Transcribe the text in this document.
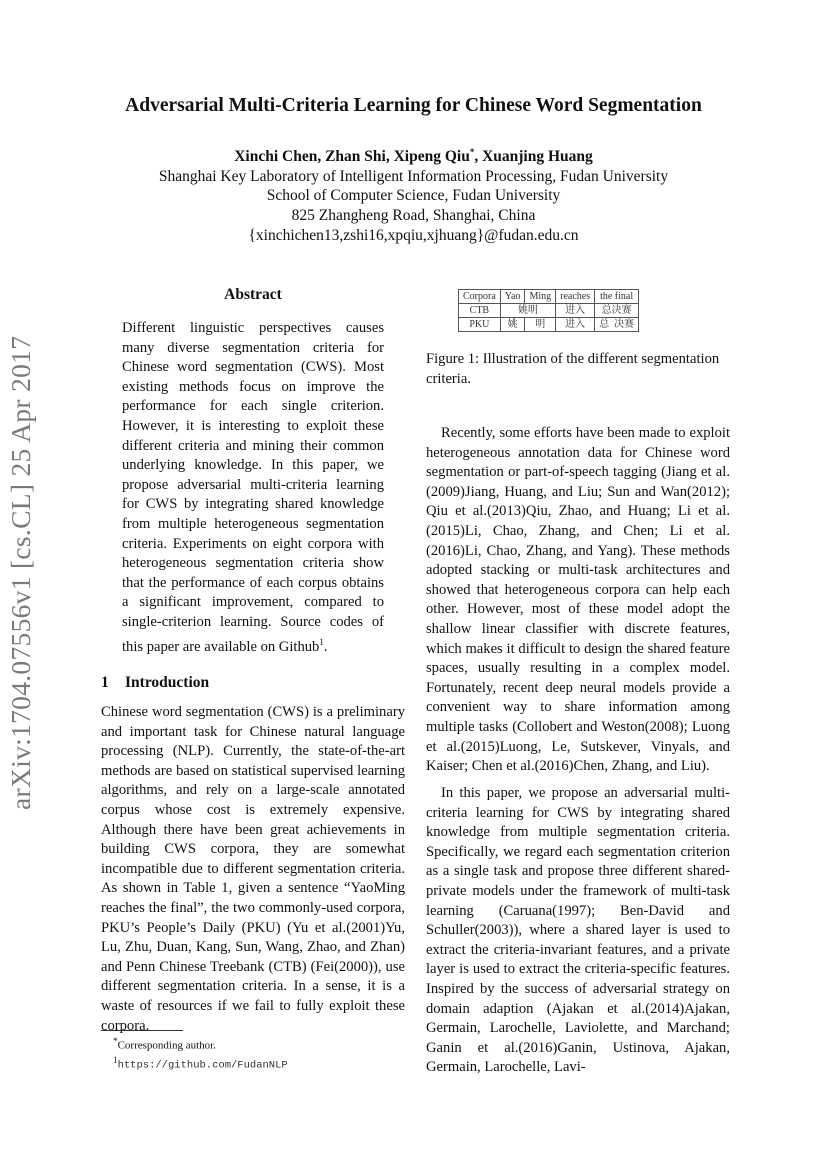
arXiv:1704.07556v1 [cs.CL] 25 Apr 2017
Adversarial Multi-Criteria Learning for Chinese Word Segmentation
Xinchi Chen, Zhan Shi, Xipeng Qiu*, Xuanjing Huang
Shanghai Key Laboratory of Intelligent Information Processing, Fudan University
School of Computer Science, Fudan University
825 Zhangheng Road, Shanghai, China
{xinchichen13,zshi16,xpqiu,xjhuang}@fudan.edu.cn
Abstract
Different linguistic perspectives causes many diverse segmentation criteria for Chinese word segmentation (CWS). Most existing methods focus on improve the performance for each single criterion. However, it is interesting to exploit these different criteria and mining their common underlying knowledge. In this paper, we propose adversarial multi-criteria learning for CWS by integrating shared knowledge from multiple heterogeneous segmentation criteria. Experiments on eight corpora with heterogeneous segmentation criteria show that the performance of each corpus obtains a significant improvement, compared to single-criterion learning. Source codes of this paper are available on Github$^1$.
1 Introduction

Chinese word segmentation (CWS) is a preliminary and important task for Chinese natural language processing (NLP). Currently, the state-of-the-art methods are based on statistical supervised learning algorithms, and rely on a large-scale annotated corpus whose cost is extremely expensive. Although there have been great achievements in building CWS corpora, they are somewhat incompatible due to different segmentation criteria. As shown in Table 1, given a sentence “YaoMing reaches the final”, the two commonly-used corpora, PKU’s People’s Daily (PKU) (Yu et al.(2001)Yu, Lu, Zhu, Duan, Kang, Sun, Wang, Zhao, and Zhan) and Penn Chinese Treebank (CTB) (Fei(2000)), use different segmentation criteria. In a sense, it is a waste of resources if we fail to fully exploit these corpora.

*Corresponding author.
$^1$https://github.com/FudanNLP
Corpora	Yao	Ming	reaches	the final
CTB	姚明		进入	总决赛
PKU	姚	明	进入	总  决赛
Figure 1: Illustration of the different segmentation criteria.

Recently, some efforts have been made to exploit heterogeneous annotation data for Chinese word segmentation or part-of-speech tagging (Jiang et al.(2009)Jiang, Huang, and Liu; Sun and Wan(2012); Qiu et al.(2013)Qiu, Zhao, and Huang; Li et al.(2015)Li, Chao, Zhang, and Chen; Li et al.(2016)Li, Chao, Zhang, and Yang). These methods adopted stacking or multi-task architectures and showed that heterogeneous corpora can help each other. However, most of these model adopt the shallow linear classifier with discrete features, which makes it difficult to design the shared feature spaces, usually resulting in a complex model. Fortunately, recent deep neural models provide a convenient way to share information among multiple tasks (Collobert and Weston(2008); Luong et al.(2015)Luong, Le, Sutskever, Vinyals, and Kaiser; Chen et al.(2016)Chen, Zhang, and Liu).

In this paper, we propose an adversarial multi-criteria learning for CWS by integrating shared knowledge from multiple segmentation criteria. Specifically, we regard each segmentation criterion as a single task and propose three different shared-private models under the framework of multi-task learning (Caruana(1997); Ben-David and Schuller(2003)), where a shared layer is used to extract the criteria-invariant features, and a private layer is used to extract the criteria-specific features. Inspired by the success of adversarial strategy on domain adaption (Ajakan et al.(2014)Ajakan, Germain, Larochelle, Laviolette, and Marchand; Ganin et al.(2016)Ganin, Ustinova, Ajakan, Germain, Larochelle, Lavi-
